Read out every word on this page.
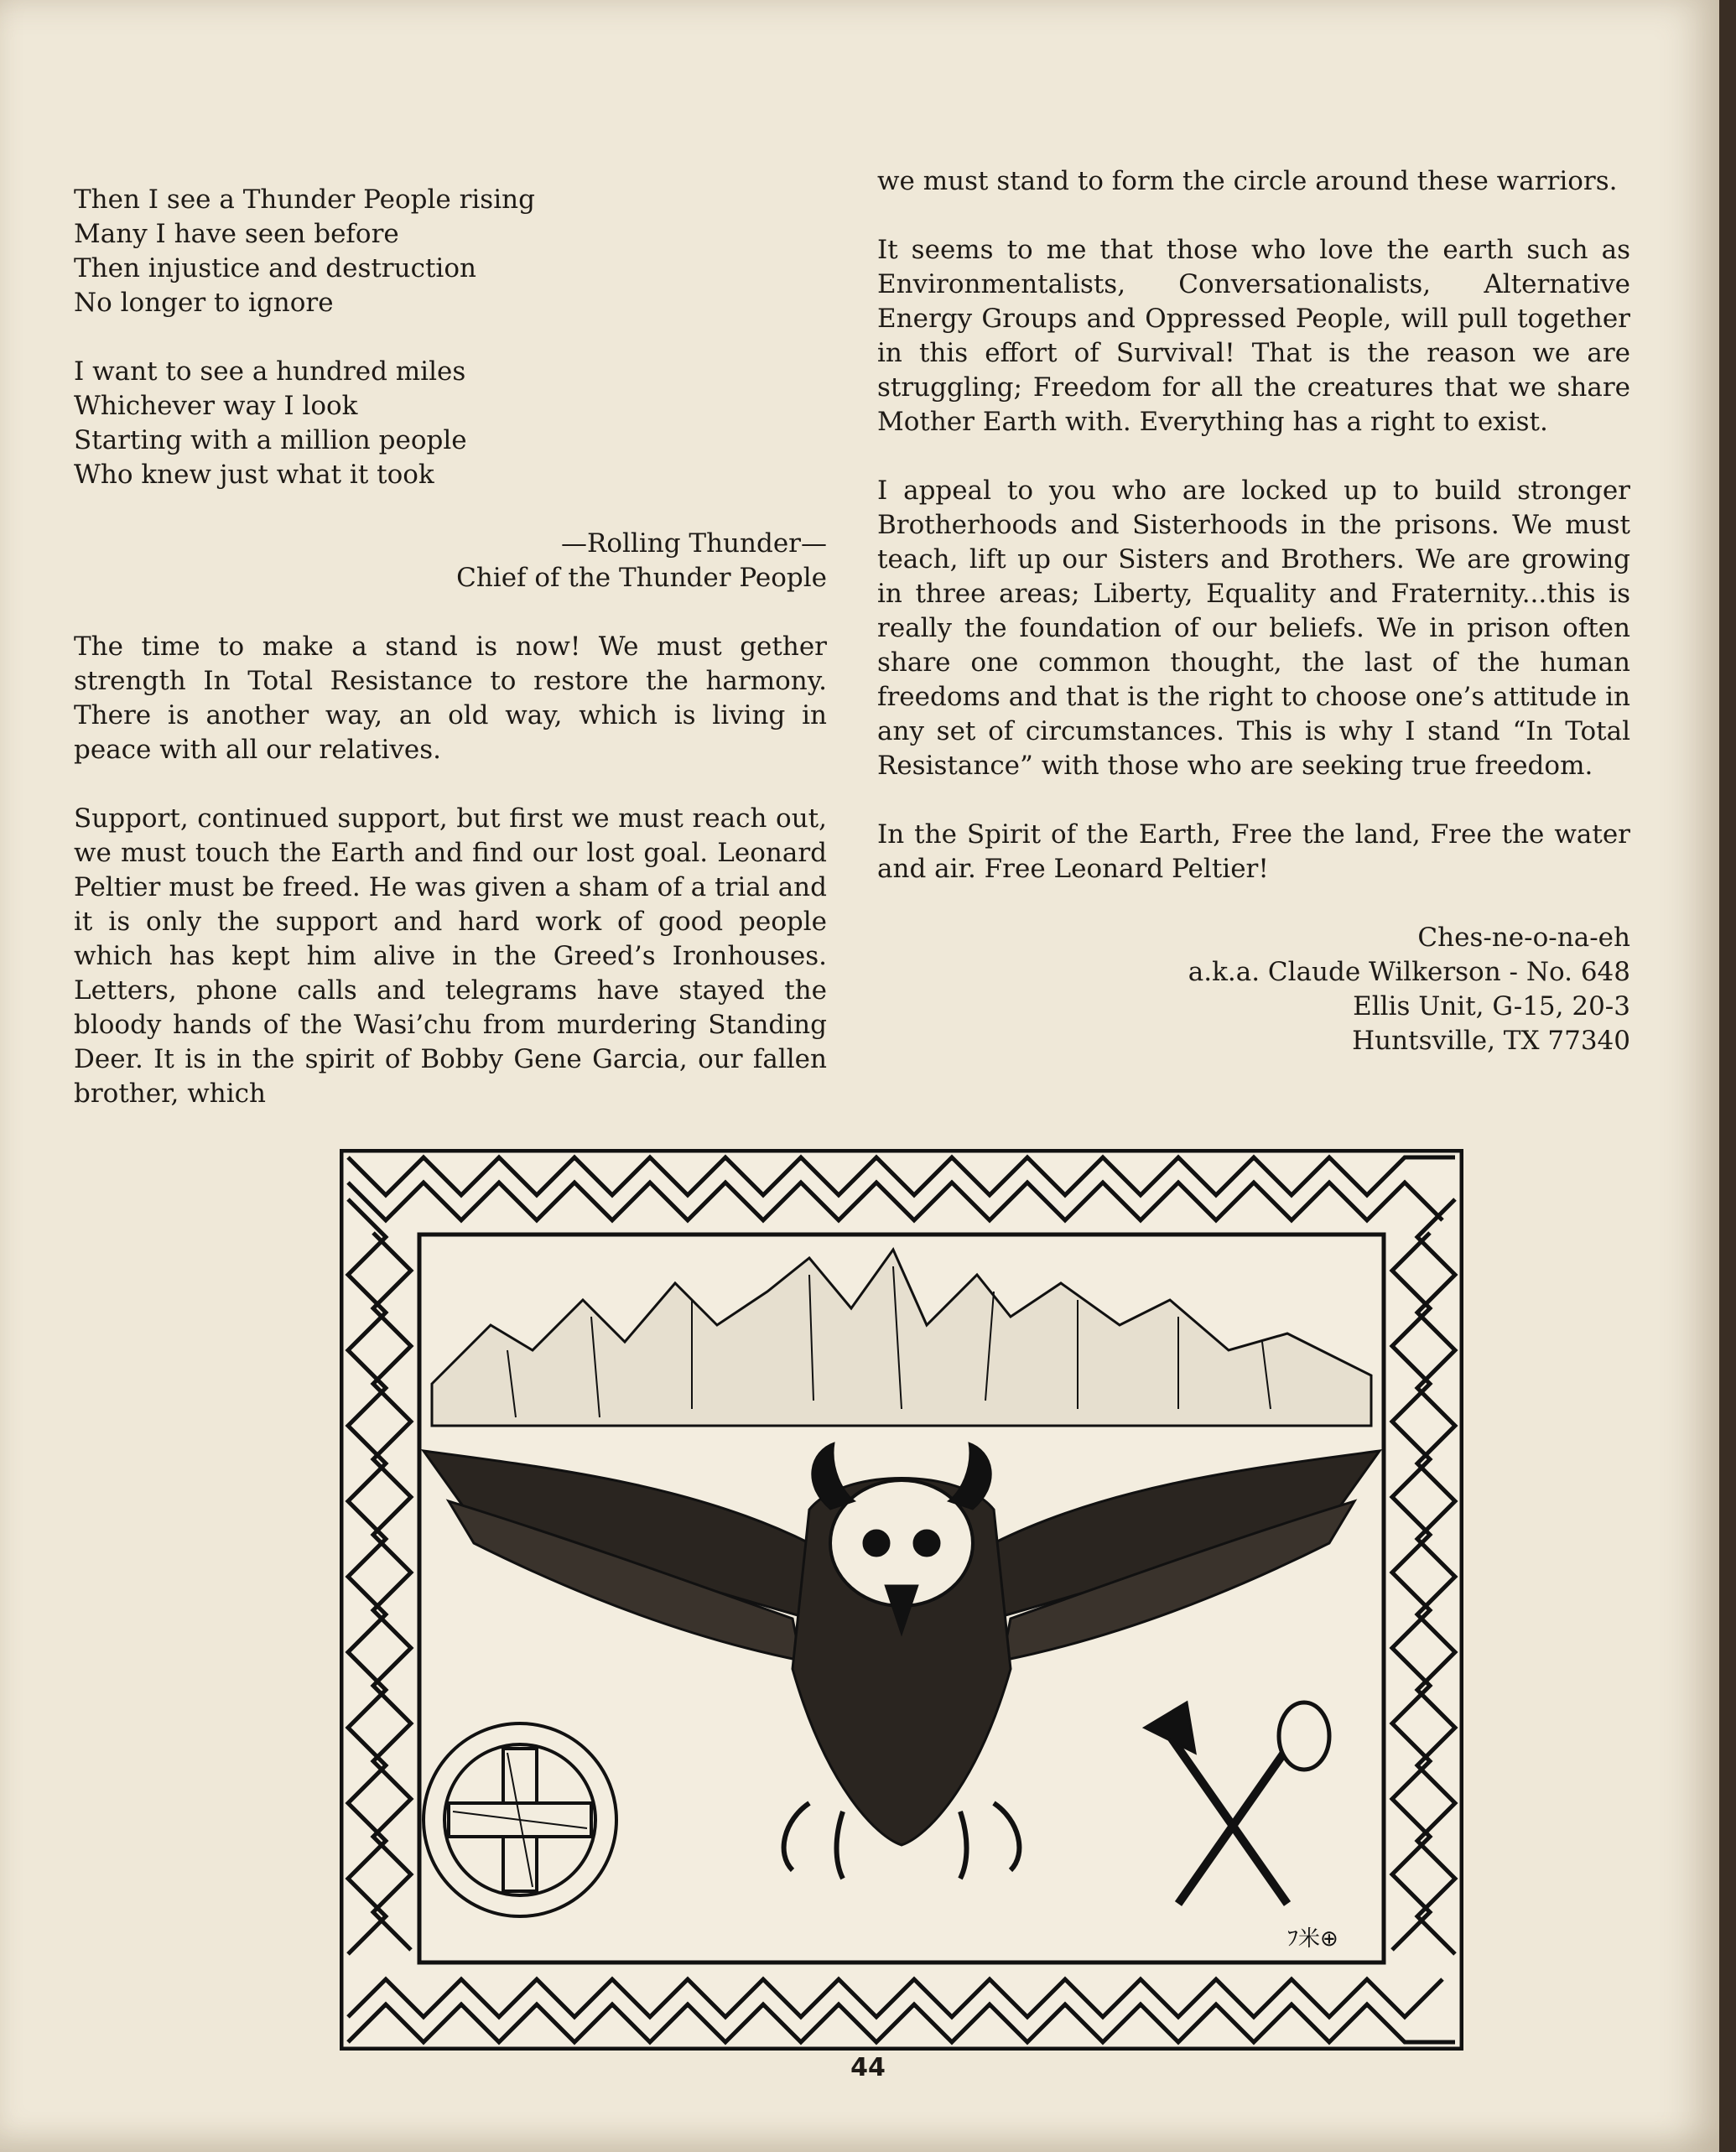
Then I see a Thunder People rising
Many I have seen before
Then injustice and destruction
No longer to ignore
I want to see a hundred miles
Whichever way I look
Starting with a million people
Who knew just what it took
—Rolling Thunder—
Chief of the Thunder People

The time to make a stand is now! We must gether strength In Total Resistance to restore the harmony. There is another way, an old way, which is living in peace with all our relatives.

Support, continued support, but first we must reach out, we must touch the Earth and find our lost goal. Leonard Peltier must be freed. He was given a sham of a trial and it is only the support and hard work of good people which has kept him alive in the Greed’s Ironhouses. Letters, phone calls and telegrams have stayed the bloody hands of the Wasi’chu from murdering Standing Deer. It is in the spirit of Bobby Gene Garcia, our fallen brother, which

we must stand to form the circle around these warriors.

It seems to me that those who love the earth such as Environmentalists, Conversationalists, Alternative Energy Groups and Oppressed People, will pull together in this effort of Survival! That is the reason we are struggling; Freedom for all the creatures that we share Mother Earth with. Everything has a right to exist.

I appeal to you who are locked up to build stronger Brotherhoods and Sisterhoods in the prisons. We must teach, lift up our Sisters and Brothers. We are growing in three areas; Liberty, Equality and Fraternity...this is really the foundation of our beliefs. We in prison often share one common thought, the last of the human freedoms and that is the right to choose one’s attitude in any set of circumstances. This is why I stand “In Total Resistance” with those who are seeking true freedom.

In the Spirit of the Earth, Free the land, Free the water and air. Free Leonard Peltier!

Ches-ne-o-na-eh
a.k.a. Claude Wilkerson - No. 648
Ellis Unit, G-15, 20-3
Huntsville, TX 77340
ﾌ米⊕
44
